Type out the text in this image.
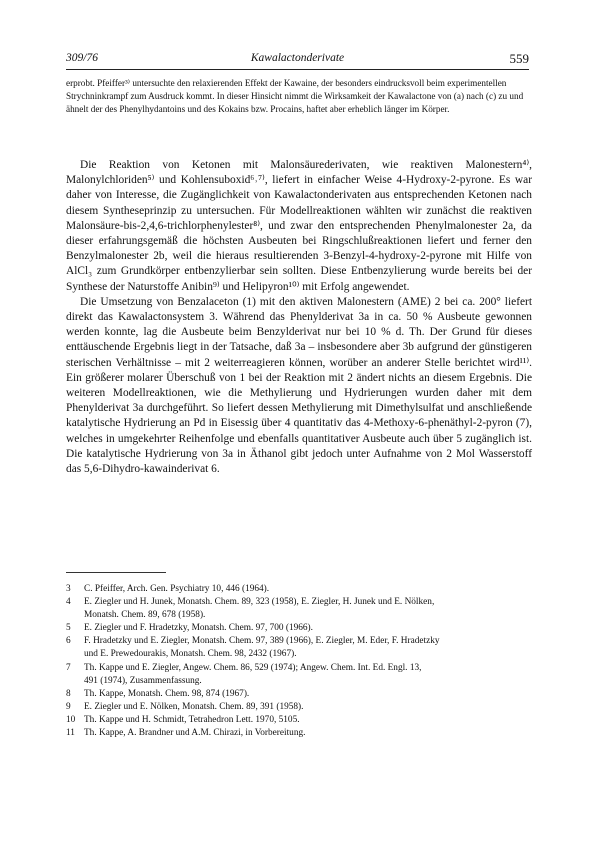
309/76	Kawalactonderivate	559

erprobt. Pfeiffer³⁾ untersuchte den relaxierenden Effekt der Kawaine, der besonders eindrucksvoll beim experimentellen Strychninkrampf zum Ausdruck kommt. In dieser Hinsicht nimmt die Wirksamkeit der Kawalactone von (a) nach (c) zu und ähnelt der des Phenylhydantoins und des Kokains bzw. Procains, haftet aber erheblich länger im Körper.

Die Reaktion von Ketonen mit Malonsäurederivaten, wie reaktiven Malonestern⁴⁾, Malonylchloriden⁵⁾ und Kohlensuboxid⁶˒⁷⁾, liefert in einfacher Weise 4-Hydroxy-2-pyrone. Es war daher von Interesse, die Zugänglichkeit von Kawalactonderivaten aus entsprechenden Ketonen nach diesem Syntheseprinzip zu untersuchen. Für Modellreaktionen wählten wir zunächst die reaktiven Malonsäure-bis-2,4,6-trichlorphenylester⁸⁾, und zwar den entsprechenden Phenylmalonester 2a, da dieser erfahrungsgemäß die höchsten Ausbeuten bei Ringschlußreaktionen liefert und ferner den Benzylmalonester 2b, weil die hieraus resultierenden 3-Benzyl-4-hydroxy-2-pyrone mit Hilfe von AlCl₃ zum Grundkörper entbenzylierbar sein sollten. Diese Entbenzylierung wurde bereits bei der Synthese der Naturstoffe Anibin⁹⁾ und Helipyron¹⁰⁾ mit Erfolg angewendet.

Die Umsetzung von Benzalaceton (1) mit den aktiven Malonestern (AME) 2 bei ca. 200° liefert direkt das Kawalactonsystem 3. Während das Phenylderivat 3a in ca. 50 % Ausbeute gewonnen werden konnte, lag die Ausbeute beim Benzylderivat nur bei 10 % d. Th. Der Grund für dieses enttäuschende Ergebnis liegt in der Tatsache, daß 3a – insbesondere aber 3b aufgrund der günstigeren sterischen Verhältnisse – mit 2 weiterreagieren können, worüber an anderer Stelle berichtet wird¹¹⁾. Ein größerer molarer Überschuß von 1 bei der Reaktion mit 2 ändert nichts an diesem Ergebnis. Die weiteren Modellreaktionen, wie die Methylierung und Hydrierungen wurden daher mit dem Phenylderivat 3a durchgeführt. So liefert dessen Methylierung mit Dimethylsulfat und anschließende katalytische Hydrierung an Pd in Eisessig über 4 quantitativ das 4-Methoxy-6-phenäthyl-2-pyron (7), welches in umgekehrter Reihenfolge und ebenfalls quantitativer Ausbeute auch über 5 zugänglich ist. Die katalytische Hydrierung von 3a in Äthanol gibt jedoch unter Aufnahme von 2 Mol Wasserstoff das 5,6-Dihydro-kawainderivat 6.

3	C. Pfeiffer, Arch. Gen. Psychiatry 10, 446 (1964).
4	E. Ziegler und H. Junek, Monatsh. Chem. 89, 323 (1958), E. Ziegler, H. Junek und E. Nölken,
Monatsh. Chem. 89, 678 (1958).
5	E. Ziegler und F. Hradetzky, Monatsh. Chem. 97, 700 (1966).
6	F. Hradetzky und E. Ziegler, Monatsh. Chem. 97, 389 (1966), E. Ziegler, M. Eder, F. Hradetzky
und E. Prewedourakis, Monatsh. Chem. 98, 2432 (1967).
7	Th. Kappe und E. Ziegler, Angew. Chem. 86, 529 (1974); Angew. Chem. Int. Ed. Engl. 13,
491 (1974), Zusammenfassung.
8	Th. Kappe, Monatsh. Chem. 98, 874 (1967).
9	E. Ziegler und E. Nölken, Monatsh. Chem. 89, 391 (1958).
10 Th. Kappe und H. Schmidt, Tetrahedron Lett. 1970, 5105.
11 Th. Kappe, A. Brandner und A.M. Chirazi, in Vorbereitung.
